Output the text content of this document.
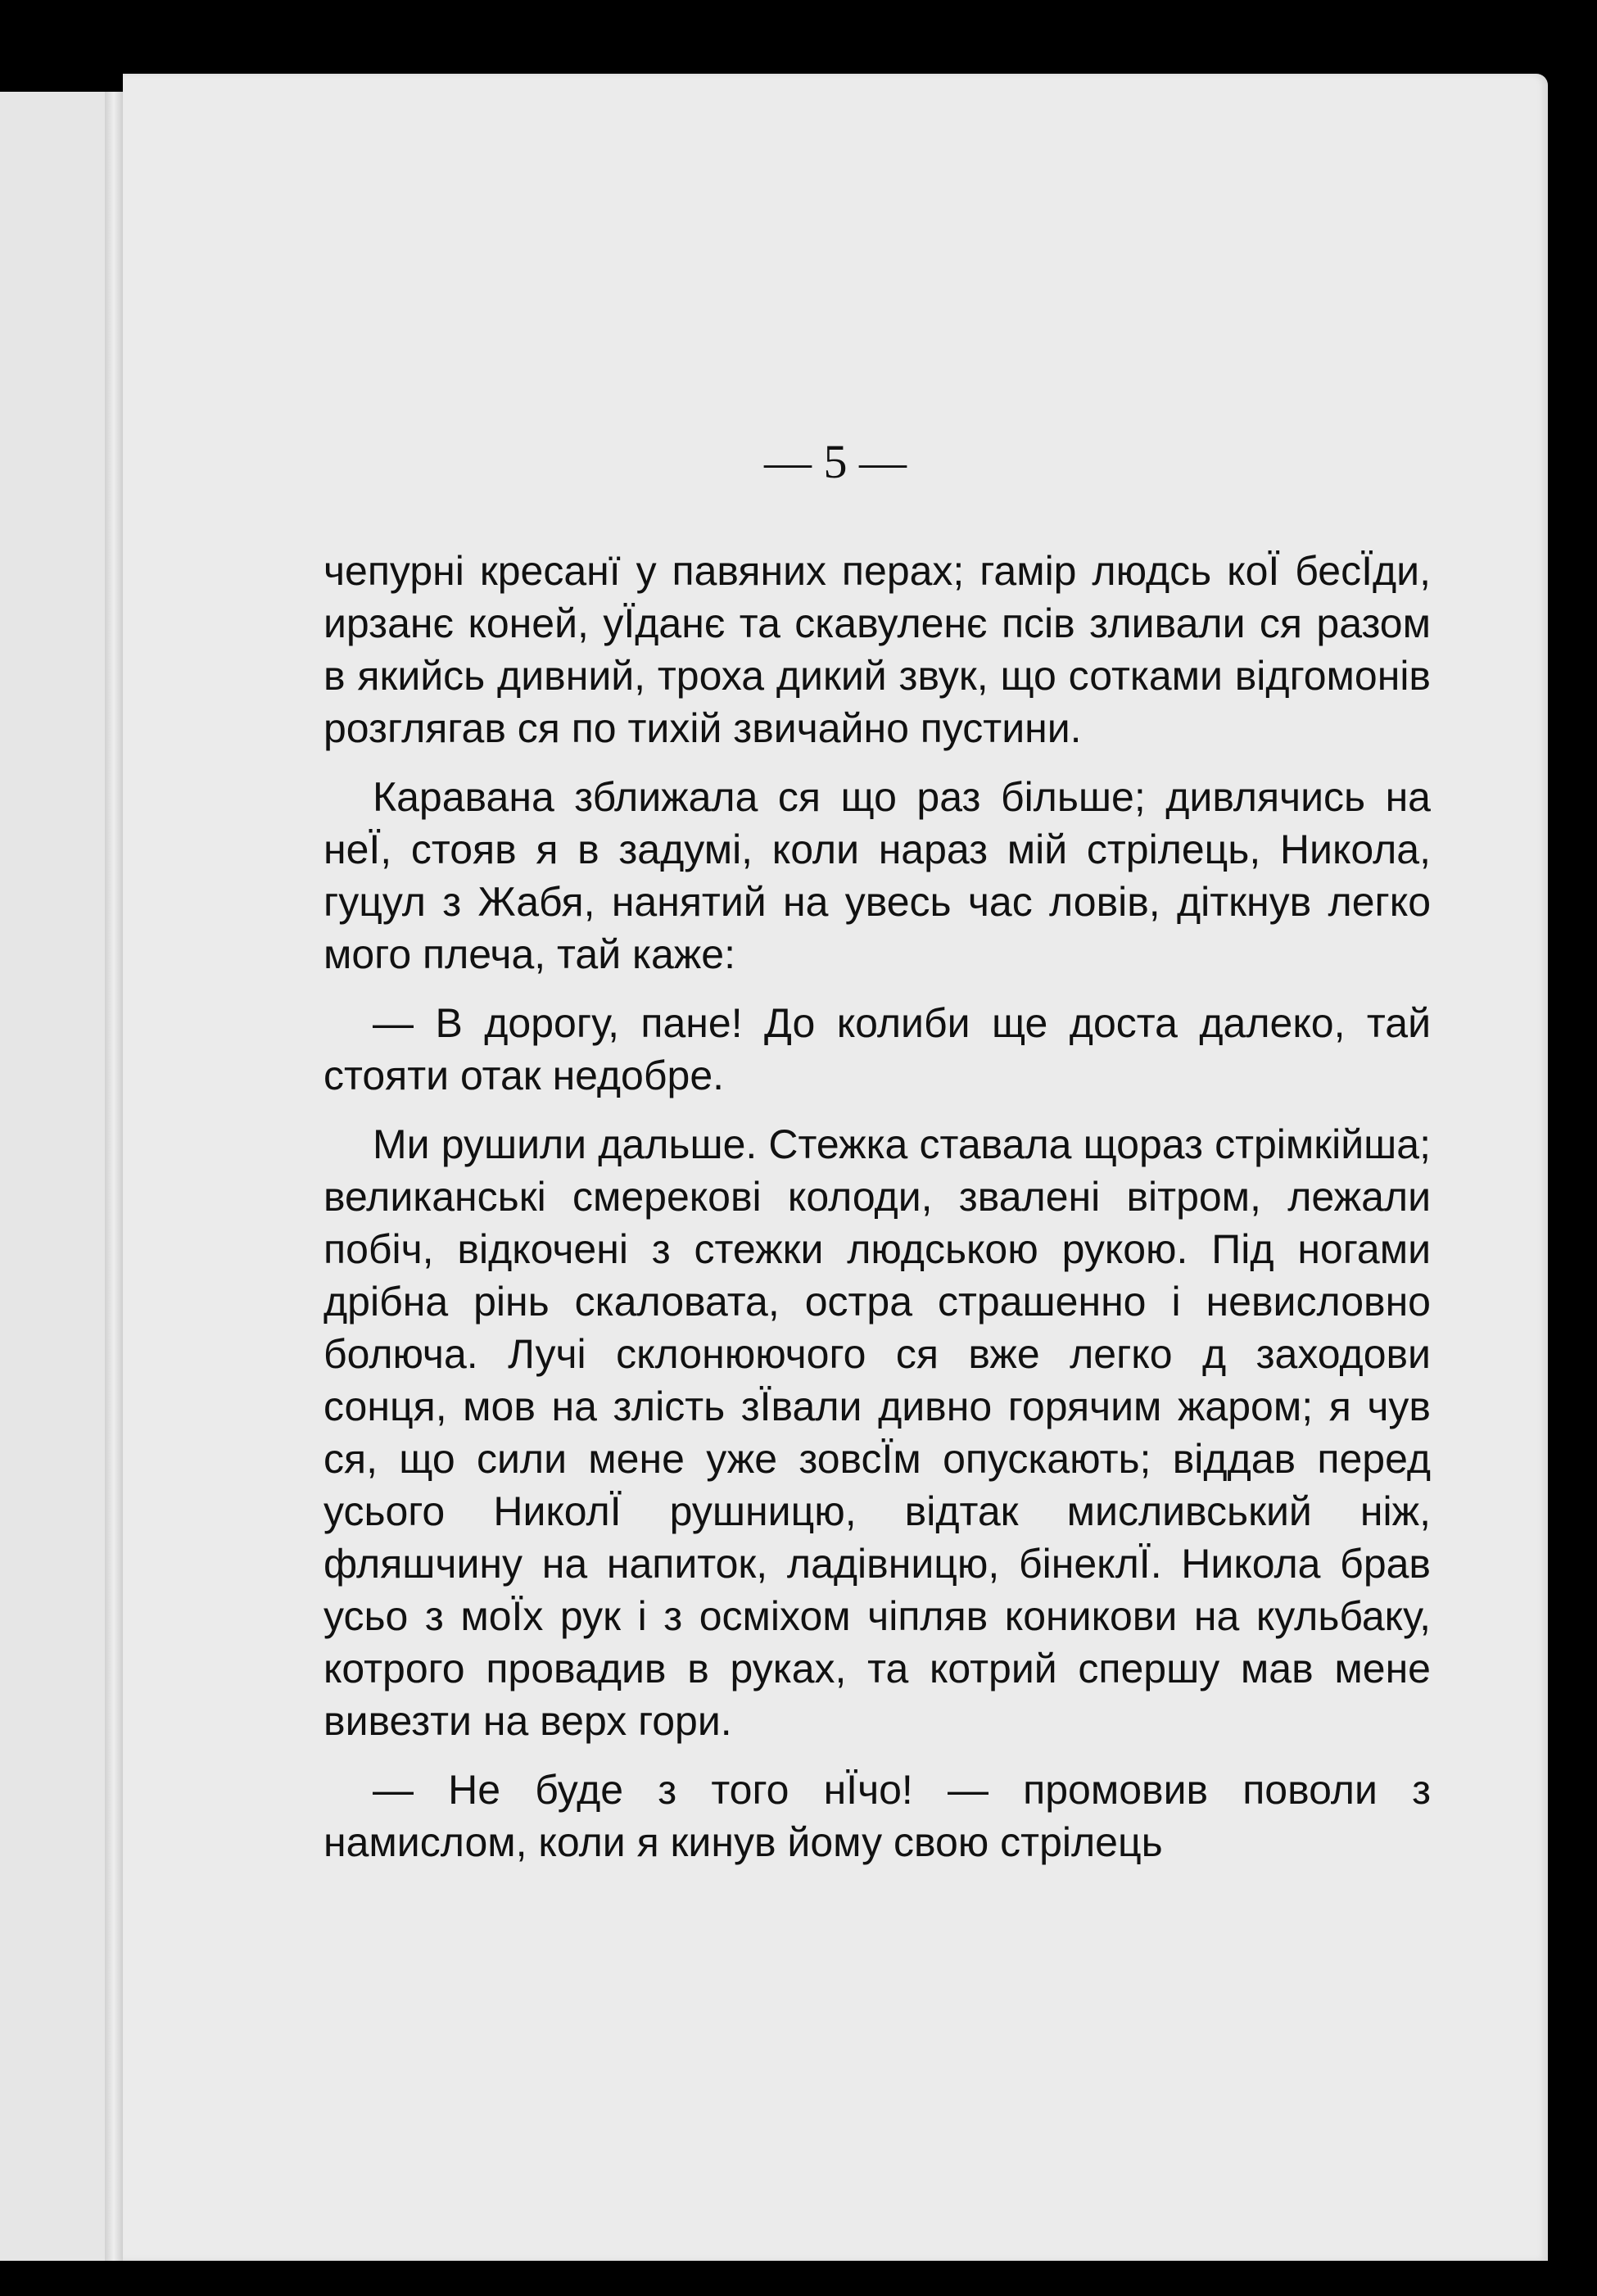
— 5 —

чепурні кресанї у павяних перах; гамір людсь коЇ бесЇди, ирзанє коней, уЇданє та скавуленє псів зливали ся разом в якийсь дивний, троха дикий звук, що сотками відгомонів розглягав ся по тихій звичайно пустини.

Каравана зближала ся що раз більше; дивлячись на неЇ, стояв я в задумі, коли нараз мій стрілець, Никола, гуцул з Жабя, нанятий на увесь час ловів, діткнув легко мого плеча, тай каже:

— В дорогу, пане! До колиби ще доста далеко, тай стояти отак недобре.

Ми рушили дальше. Стежка ставала щораз стрімкійша; великанські смерекові колоди, звалені вітром, лежали побіч, відкочені з стежки людською рукою. Під ногами дрібна рінь скаловата, остра страшенно і невисловно болюча. Лучі склонюючого ся вже легко д заходови сонця, мов на злість зЇвали дивно горячим жаром; я чув ся, що сили мене уже зовсЇм опускають; віддав перед усього НиколЇ рушницю, відтак мисливський ніж, фляшчину на напиток, ладівницю, бінеклЇ. Никола брав усьо з моЇх рук і з осміхом чіпляв коникови на кульбаку, котрого провадив в руках, та котрий спершу мав мене вивезти на верх гори.

— Не буде з того нЇчо! — промовив поволи з намислом, коли я кинув йому свою стрілець
